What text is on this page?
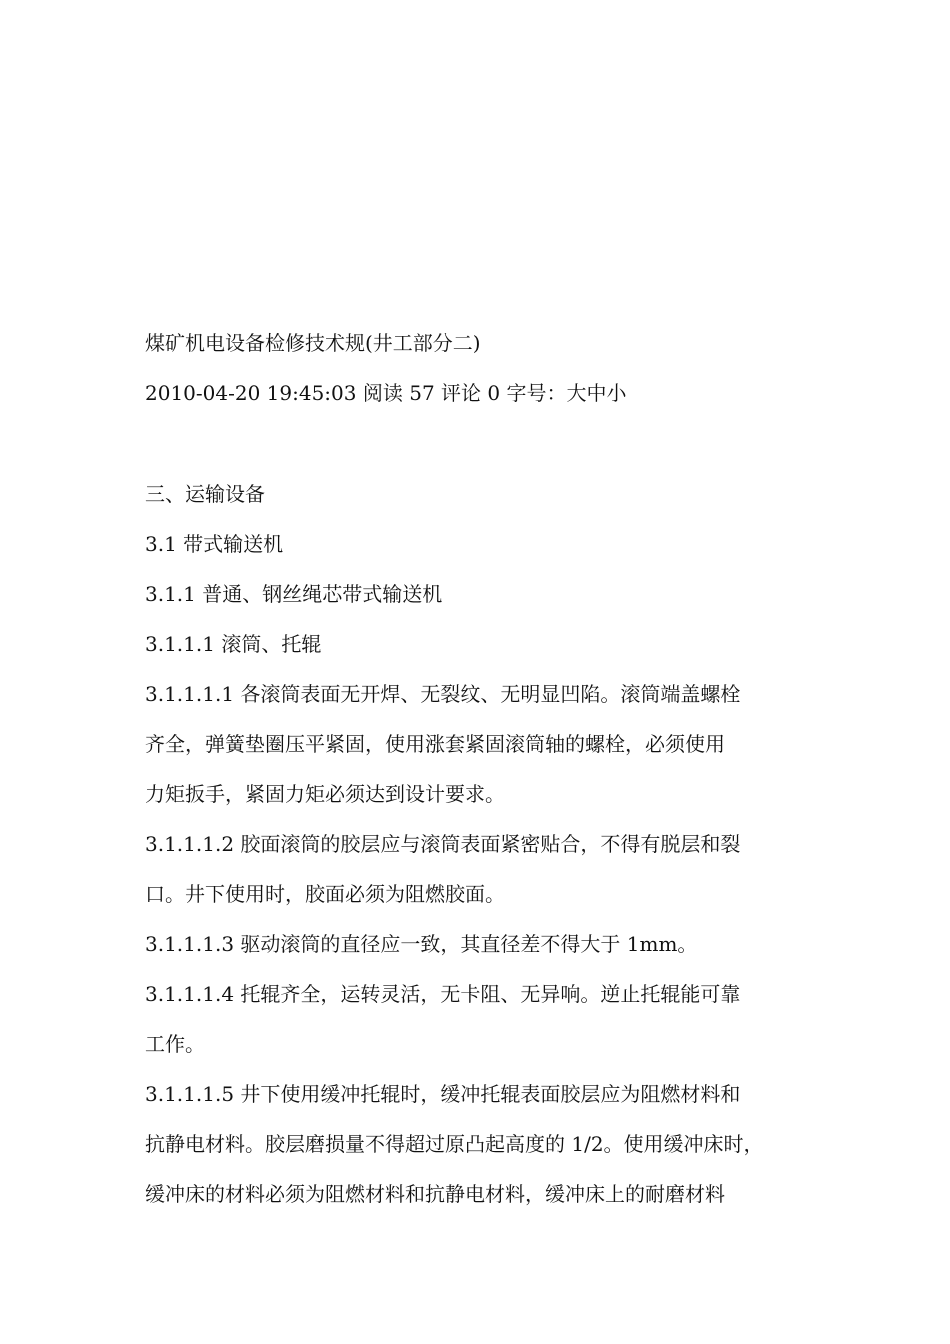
煤矿机电设备检修技术规(井工部分二)
2010-04-20 19:45:03 阅读 57 评论 0 字号：大中小
三、运输设备
3.1 带式输送机
3.1.1 普通、钢丝绳芯带式输送机
3.1.1.1 滚筒、托辊
3.1.1.1.1 各滚筒表面无开焊、无裂纹、无明显凹陷。滚筒端盖螺栓
齐全，弹簧垫圈压平紧固，使用涨套紧固滚筒轴的螺栓，必须使用
力矩扳手，紧固力矩必须达到设计要求。
3.1.1.1.2 胶面滚筒的胶层应与滚筒表面紧密贴合，不得有脱层和裂
口。井下使用时，胶面必须为阻燃胶面。
3.1.1.1.3 驱动滚筒的直径应一致，其直径差不得大于 1mm。
3.1.1.1.4 托辊齐全，运转灵活，无卡阻、无异响。逆止托辊能可靠
工作。
3.1.1.1.5 井下使用缓冲托辊时，缓冲托辊表面胶层应为阻燃材料和
抗静电材料。胶层磨损量不得超过原凸起高度的 1/2。使用缓冲床时，
缓冲床的材料必须为阻燃材料和抗静电材料，缓冲床上的耐磨材料
